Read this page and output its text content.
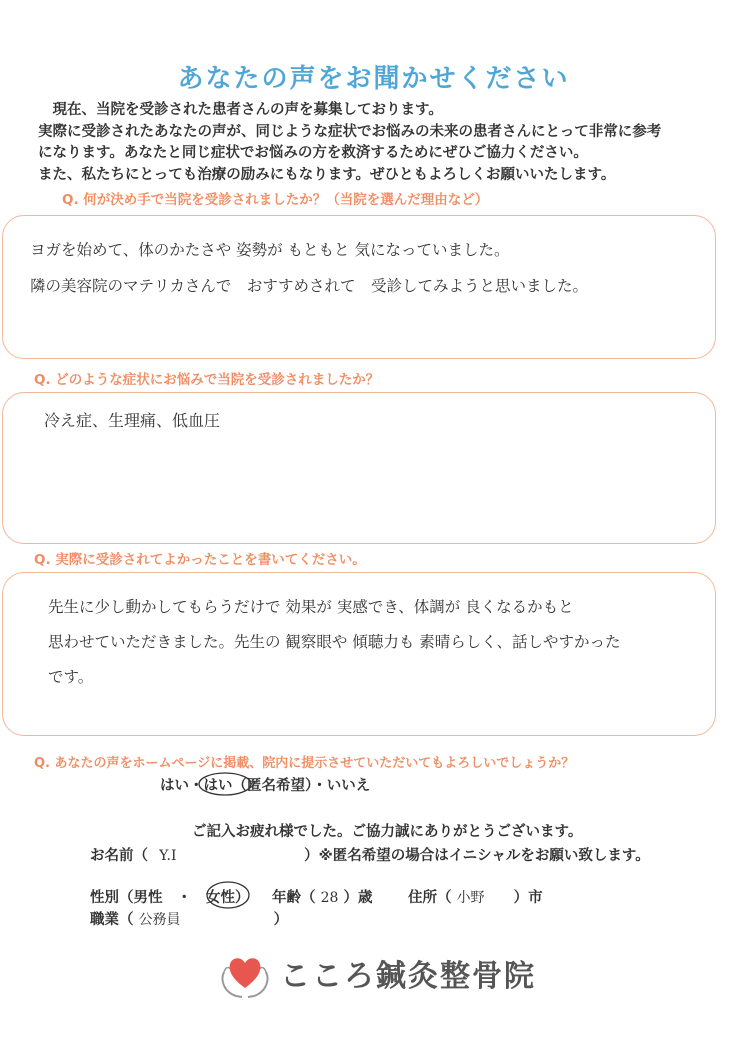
あなたの声をお聞かせください
　現在、当院を受診された患者さんの声を募集しております。
実際に受診されたあなたの声が、同じような症状でお悩みの未来の患者さんにとって非常に参考
になります。あなたと同じ症状でお悩みの方を救済するためにぜひご協力ください。
また、私たちにとっても治療の励みにもなります。ぜひともよろしくお願いいたします。
Q. 何が決め手で当院を受診されましたか？（当院を選んだ理由など）
ヨガを始めて、体のかたさや 姿勢が もともと 気になっていました。
隣の美容院のマテリカさんで　おすすめされて　受診してみようと思いました。
Q. どのような症状にお悩みで当院を受診されましたか？
冷え症、生理痛、低血圧
Q. 実際に受診されてよかったことを書いてください。
先生に少し動かしてもらうだけで 効果が 実感でき、体調が 良くなるかもと
思わせていただきました。先生の 観察眼や 傾聴力も 素晴らしく、話しやすかった
です。
Q. あなたの声をホームページに掲載、院内に提示させていただいてもよろしいでしょうか？
はい・はい（匿名希望）・いいえ
ご記入お疲れ様でした。ご協力誠にありがとうございます。
お名前（ Y.I	）※匿名希望の場合はイニシャルをお願い致します。
性別（男性　・　女性） 年齢（ 28 ）歳 住所（ 小野 ）市
職業（ 公務員	）
こころ鍼灸整骨院
